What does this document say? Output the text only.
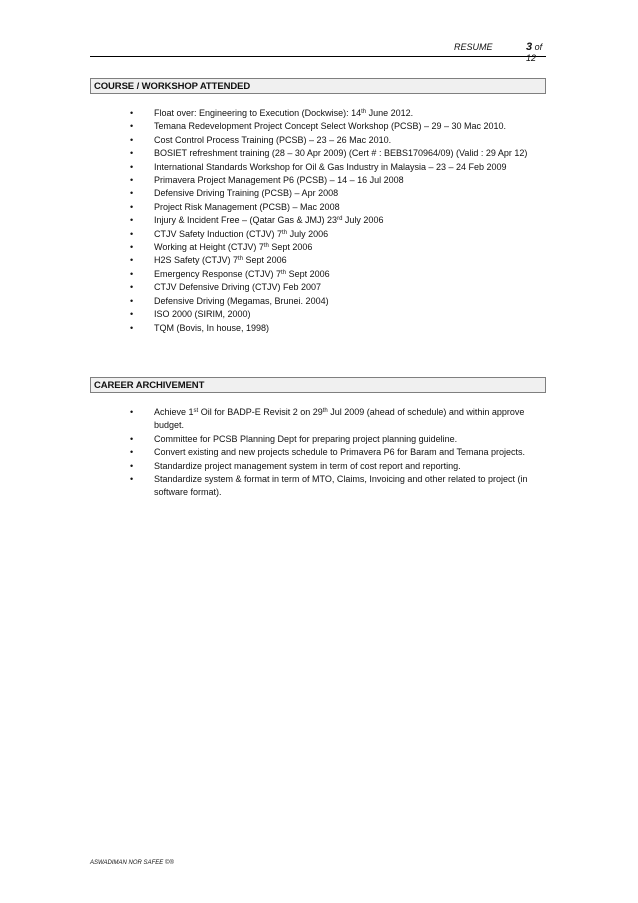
RESUME	3 of 12
COURSE / WORKSHOP ATTENDED
• Float over: Engineering to Execution (Dockwise): 14th June 2012.
• Temana Redevelopment Project Concept Select Workshop (PCSB) – 29 – 30 Mac 2010.
• Cost Control Process Training (PCSB) – 23 – 26 Mac 2010.
• BOSIET refreshment training (28 – 30 Apr 2009) (Cert # : BEBS170964/09) (Valid : 29 Apr 12)
• International Standards Workshop for Oil & Gas Industry in Malaysia – 23 – 24 Feb 2009
• Primavera Project Management P6 (PCSB) – 14 – 16 Jul 2008
• Defensive Driving Training (PCSB) – Apr 2008
• Project Risk Management (PCSB) – Mac 2008
• Injury & Incident Free – (Qatar Gas & JMJ) 23rd July 2006
• CTJV Safety Induction (CTJV) 7th July 2006
• Working at Height (CTJV) 7th Sept 2006
• H2S Safety (CTJV) 7th Sept 2006
• Emergency Response (CTJV) 7th Sept 2006
• CTJV Defensive Driving (CTJV) Feb 2007
• Defensive Driving (Megamas, Brunei. 2004)
• ISO 2000 (SIRIM, 2000)
• TQM (Bovis, In house, 1998)
CAREER ARCHIVEMENT
• Achieve 1st Oil for BADP-E Revisit 2 on 29th Jul 2009 (ahead of schedule) and within approve budget.
• Committee for PCSB Planning Dept for preparing project planning guideline.
• Convert existing and new projects schedule to Primavera P6 for Baram and Temana projects.
• Standardize project management system in term of cost report and reporting.
• Standardize system & format in term of MTO, Claims, Invoicing and other related to project (in software format).
ASWADIMAN NOR SAFEE ©®
